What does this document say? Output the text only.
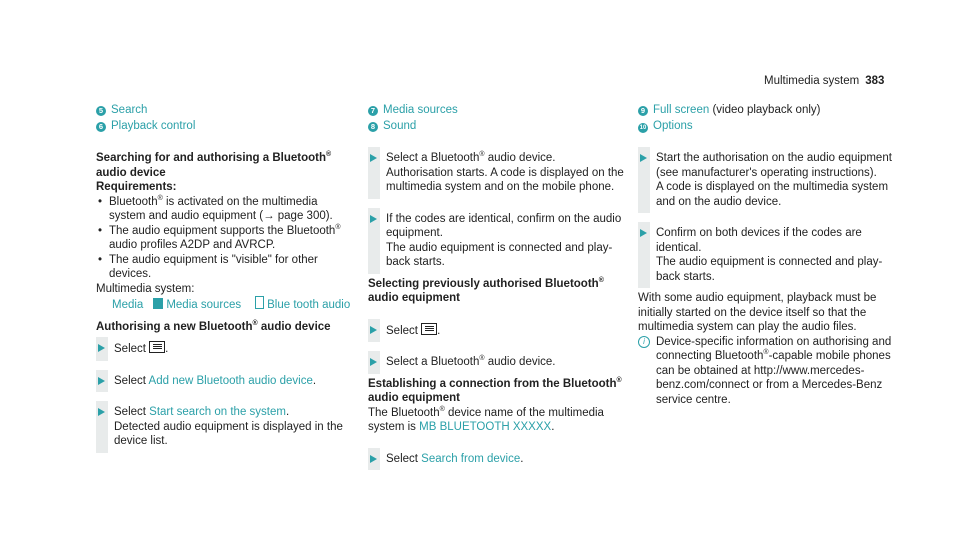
Multimedia system 383
5 Search
6 Playback control
Searching for and authorising a Bluetooth®
audio device
Requirements:
• Bluetooth® is activated on the multimedia system and audio equipment (→ page 300).
• The audio equipment supports the Bluetooth® audio profiles A2DP and AVRCP.
• The audio equipment is "visible" for other devices.
Multimedia system:
Media Media sources Blue tooth audio
Authorising a new Bluetooth® audio device
Select .
Select Add new Bluetooth audio device.
Select Start search on the system.
Detected audio equipment is displayed in the device list.
7 Media sources
8 Sound
Select a Bluetooth® audio device.
Authorisation starts. A code is displayed on the multimedia system and on the mobile phone.
If the codes are identical, confirm on the audio equipment.
The audio equipment is connected and playback starts.
Selecting previously authorised Bluetooth®
audio equipment
Select .
Select a Bluetooth® audio device.
Establishing a connection from the Bluetooth® audio equipment
The Bluetooth® device name of the multimedia system is MB BLUETOOTH XXXXX.
Select Search from device.
9 Full screen (video playback only)
10 Options
Start the authorisation on the audio equipment (see manufacturer's operating instructions).
A code is displayed on the multimedia system and on the audio device.
Confirm on both devices if the codes are identical.
The audio equipment is connected and playback starts.
With some audio equipment, playback must be initially started on the device itself so that the multimedia system can play the audio files.
i Device-specific information on authorising and connecting Bluetooth®-capable mobile phones can be obtained at http://www.mercedes-benz.com/connect or from a Mercedes-Benz service centre.
